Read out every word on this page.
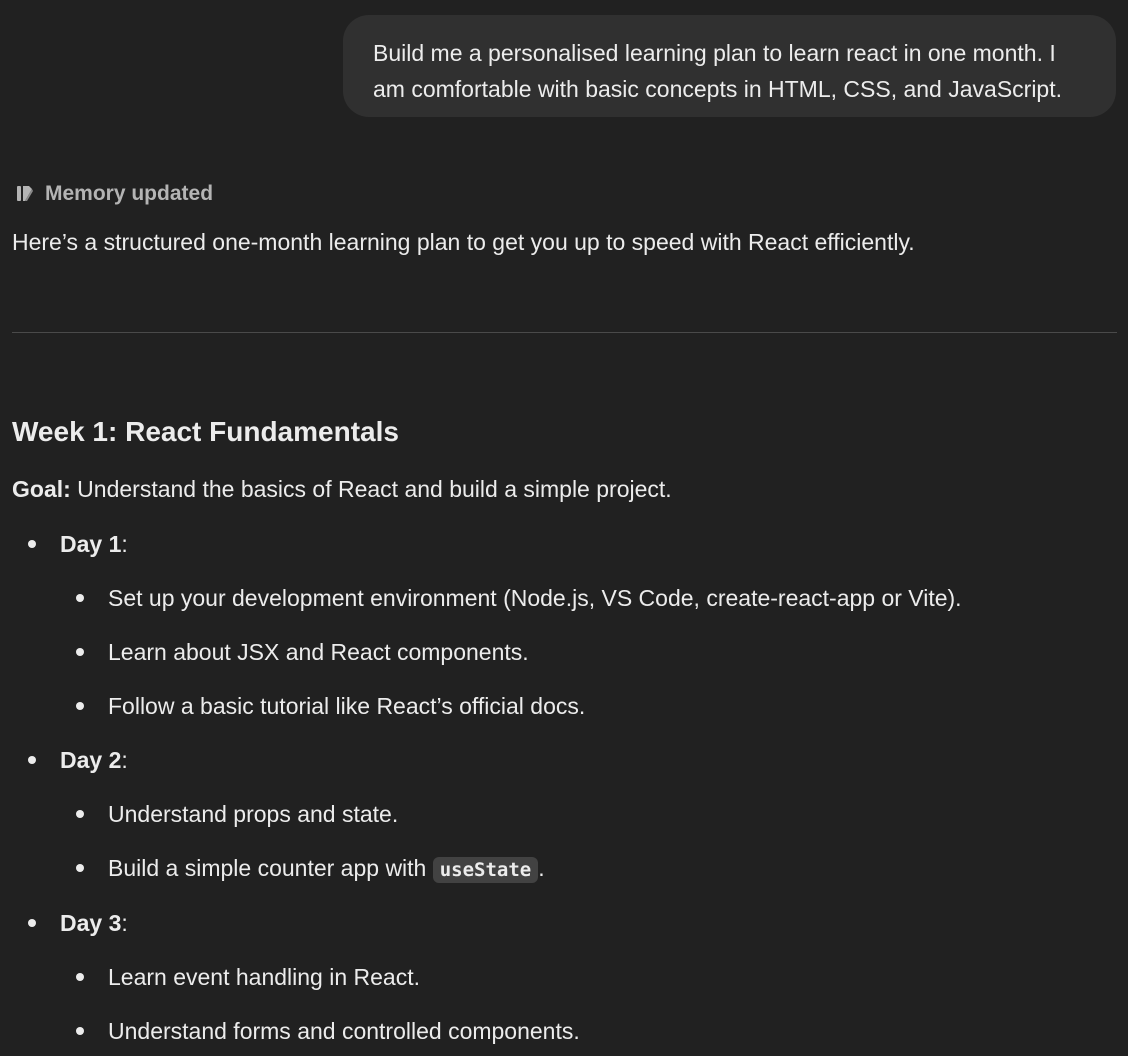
Build me a personalised learning plan to learn react in one month. I
am comfortable with basic concepts in HTML, CSS, and JavaScript.
Memory updated
Here’s a structured one-month learning plan to get you up to speed with React efficiently.
Week 1: React Fundamentals
Goal: Understand the basics of React and build a simple project.
Day 1:
Set up your development environment (Node.js, VS Code, create-react-app or Vite).
Learn about JSX and React components.
Follow a basic tutorial like React’s official docs.
Day 2:
Understand props and state.
Build a simple counter app with useState .
Day 3:
Learn event handling in React.
Understand forms and controlled components.
